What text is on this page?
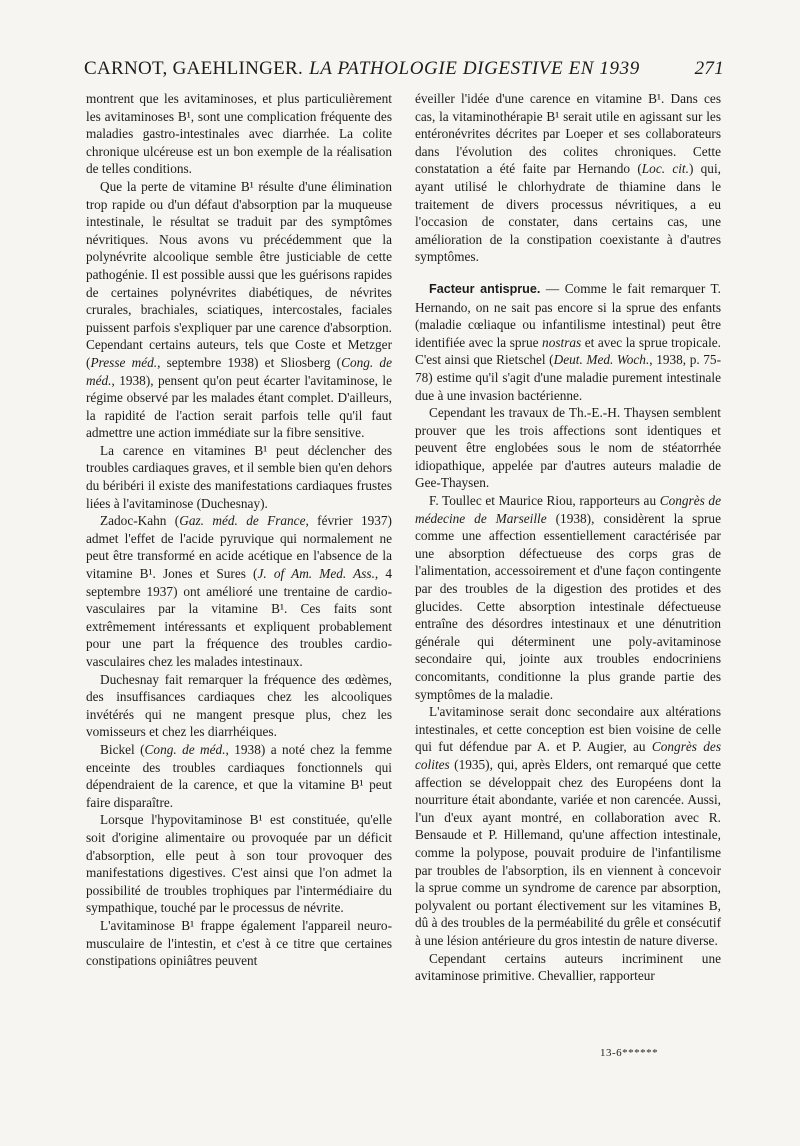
CARNOT, GAEHLINGER. LA PATHOLOGIE DIGESTIVE EN 1939	271

montrent que les avitaminoses, et plus particulièrement les avitaminoses B¹, sont une complication fréquente des maladies gastro-intestinales avec diarrhée. La colite chronique ulcéreuse est un bon exemple de la réalisation de telles conditions.

Que la perte de vitamine B¹ résulte d'une élimination trop rapide ou d'un défaut d'absorption par la muqueuse intestinale, le résultat se traduit par des symptômes névritiques. Nous avons vu précédemment que la polynévrite alcoolique semble être justiciable de cette pathogénie. Il est possible aussi que les guérisons rapides de certaines polynévrites diabétiques, de névrites crurales, brachiales, sciatiques, intercostales, faciales puissent parfois s'expliquer par une carence d'absorption. Cependant certains auteurs, tels que Coste et Metzger (Presse méd., septembre 1938) et Sliosberg (Cong. de méd., 1938), pensent qu'on peut écarter l'avitaminose, le régime observé par les malades étant complet. D'ailleurs, la rapidité de l'action serait parfois telle qu'il faut admettre une action immédiate sur la fibre sensitive.

La carence en vitamines B¹ peut déclencher des troubles cardiaques graves, et il semble bien qu'en dehors du béribéri il existe des manifestations cardiaques frustes liées à l'avitaminose (Duchesnay).

Zadoc-Kahn (Gaz. méd. de France, février 1937) admet l'effet de l'acide pyruvique qui normalement ne peut être transformé en acide acétique en l'absence de la vitamine B¹. Jones et Sures (J. of Am. Med. Ass., 4 septembre 1937) ont amélioré une trentaine de cardio-vasculaires par la vitamine B¹. Ces faits sont extrêmement intéressants et expliquent probablement pour une part la fréquence des troubles cardio-vasculaires chez les malades intestinaux.

Duchesnay fait remarquer la fréquence des œdèmes, des insuffisances cardiaques chez les alcooliques invétérés qui ne mangent presque plus, chez les vomisseurs et chez les diarrhéiques.

Bickel (Cong. de méd., 1938) a noté chez la femme enceinte des troubles cardiaques fonctionnels qui dépendraient de la carence, et que la vitamine B¹ peut faire disparaître.

Lorsque l'hypovitaminose B¹ est constituée, qu'elle soit d'origine alimentaire ou provoquée par un déficit d'absorption, elle peut à son tour provoquer des manifestations digestives. C'est ainsi que l'on admet la possibilité de troubles trophiques par l'intermédiaire du sympathique, touché par le processus de névrite.

L'avitaminose B¹ frappe également l'appareil neuro-musculaire de l'intestin, et c'est à ce titre que certaines constipations opiniâtres peuvent

éveiller l'idée d'une carence en vitamine B¹. Dans ces cas, la vitaminothérapie B¹ serait utile en agissant sur les entéronévrites décrites par Loeper et ses collaborateurs dans l'évolution des colites chroniques. Cette constatation a été faite par Hernando (Loc. cit.) qui, ayant utilisé le chlorhydrate de thiamine dans le traitement de divers processus névritiques, a eu l'occasion de constater, dans certains cas, une amélioration de la constipation coexistante à d'autres symptômes.

Facteur antisprue. — Comme le fait remarquer T. Hernando, on ne sait pas encore si la sprue des enfants (maladie cœliaque ou infantilisme intestinal) peut être identifiée avec la sprue nostras et avec la sprue tropicale. C'est ainsi que Rietschel (Deut. Med. Woch., 1938, p. 75-78) estime qu'il s'agit d'une maladie purement intestinale due à une invasion bactérienne.

Cependant les travaux de Th.-E.-H. Thaysen semblent prouver que les trois affections sont identiques et peuvent être englobées sous le nom de stéatorrhée idiopathique, appelée par d'autres auteurs maladie de Gee-Thaysen.

F. Toullec et Maurice Riou, rapporteurs au Congrès de médecine de Marseille (1938), considèrent la sprue comme une affection essentiellement caractérisée par une absorption défectueuse des corps gras de l'alimentation, accessoirement et d'une façon contingente par des troubles de la digestion des protides et des glucides. Cette absorption intestinale défectueuse entraîne des désordres intestinaux et une dénutrition générale qui déterminent une poly-avitaminose secondaire qui, jointe aux troubles endocriniens concomitants, conditionne la plus grande partie des symptômes de la maladie.

L'avitaminose serait donc secondaire aux altérations intestinales, et cette conception est bien voisine de celle qui fut défendue par A. et P. Augier, au Congrès des colites (1935), qui, après Elders, ont remarqué que cette affection se développait chez des Européens dont la nourriture était abondante, variée et non carencée. Aussi, l'un d'eux ayant montré, en collaboration avec R. Bensaude et P. Hillemand, qu'une affection intestinale, comme la polypose, pouvait produire de l'infantilisme par troubles de l'absorption, ils en viennent à concevoir la sprue comme un syndrome de carence par absorption, polyvalent ou portant électivement sur les vitamines B, dû à des troubles de la perméabilité du grêle et consécutif à une lésion antérieure du gros intestin de nature diverse.

Cependant certains auteurs incriminent une avitaminose primitive. Chevallier, rapporteur

13-6******
